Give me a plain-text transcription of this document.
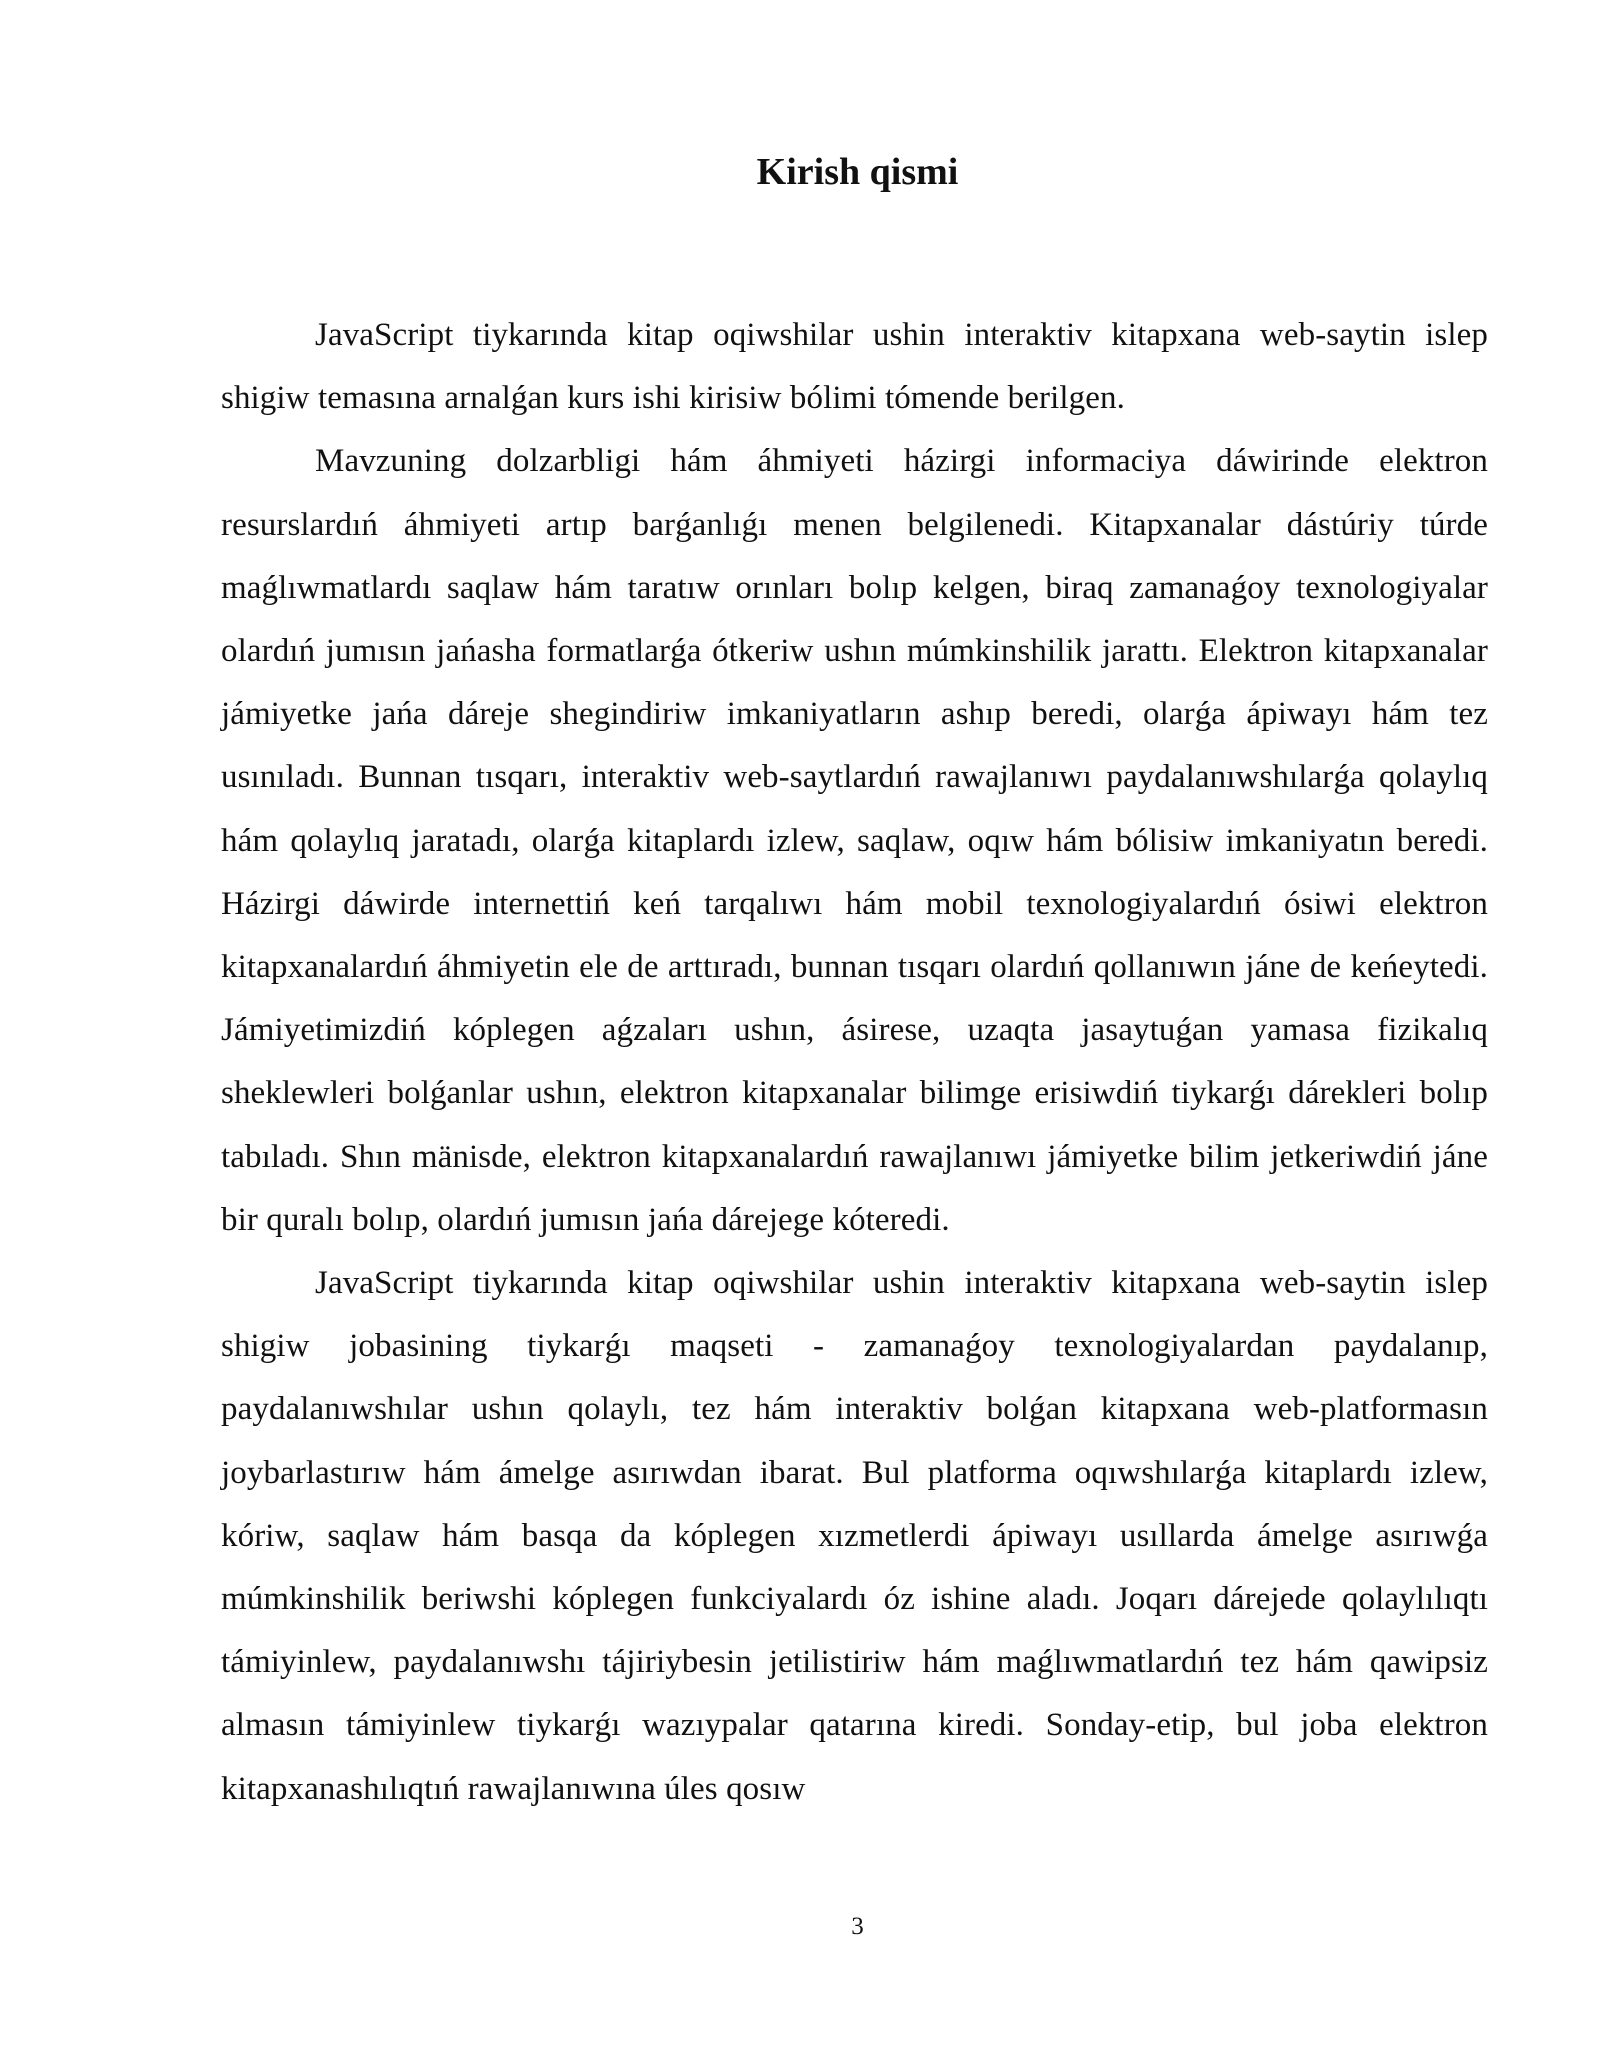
Kirish qismi

JavaScript tiykarında kitap oqiwshilar ushin interaktiv kitapxana web-saytin islep shigiw temasına arnalǵan kurs ishi kirisiw bólimi tómende berilgen.

Mavzuning dolzarbligi hám áhmiyeti házirgi informaciya dáwirinde elektron resurslardıń áhmiyeti artıp barǵanlıǵı menen belgilenedi. Kitapxanalar dástúriy túrde maǵlıwmatlardı saqlaw hám taratıw orınları bolıp kelgen, biraq zamanaǵoy texnologiyalar olardıń jumısın jańasha formatlarǵa ótkeriw ushın múmkinshilik jarattı. Elektron kitapxanalar jámiyetke jańa dáreje shegindiriw imkaniyatların ashıp beredi, olarǵa ápiwayı hám tez usınıladı. Bunnan tısqarı, interaktiv web-saytlardıń rawajlanıwı paydalanıwshılarǵa qolaylıq hám qolaylıq jaratadı, olarǵa kitaplardı izlew, saqlaw, oqıw hám bólisiw imkaniyatın beredi. Házirgi dáwirde internettiń keń tarqalıwı hám mobil texnologiyalardıń ósiwi elektron kitapxanalardıń áhmiyetin ele de arttıradı, bunnan tısqarı olardıń qollanıwın jáne de keńeytedi. Jámiyetimizdiń kóplegen aǵzaları ushın, ásirese, uzaqta jasaytuǵan yamasa fizikalıq sheklewleri bolǵanlar ushın, elektron kitapxanalar bilimge erisiwdiń tiykarǵı dárekleri bolıp tabıladı. Shın mänisde, elektron kitapxanalardıń rawajlanıwı jámiyetke bilim jetkeriwdiń jáne bir quralı bolıp, olardıń jumısın jańa dárejege kóteredi.

JavaScript tiykarında kitap oqiwshilar ushin interaktiv kitapxana web-saytin islep shigiw jobasining tiykarǵı maqseti - zamanaǵoy texnologiyalardan paydalanıp, paydalanıwshılar ushın qolaylı, tez hám interaktiv bolǵan kitapxana web-platformasın joybarlastırıw hám ámelge asırıwdan ibarat. Bul platforma oqıwshılarǵa kitaplardı izlew, kóriw, saqlaw hám basqa da kóplegen xızmetlerdi ápiwayı usıllarda ámelge asırıwǵa múmkinshilik beriwshi kóplegen funkciyalardı óz ishine aladı. Joqarı dárejede qolaylılıqtı támiyinlew, paydalanıwshı tájiriybesin jetilistiriw hám maǵlıwmatlardıń tez hám qawipsiz almasın támiyinlew tiykarǵı wazıypalar qatarına kiredi. Sonday-etip, bul joba elektron kitapxanashılıqtıń rawajlanıwına úles qosıw

3
